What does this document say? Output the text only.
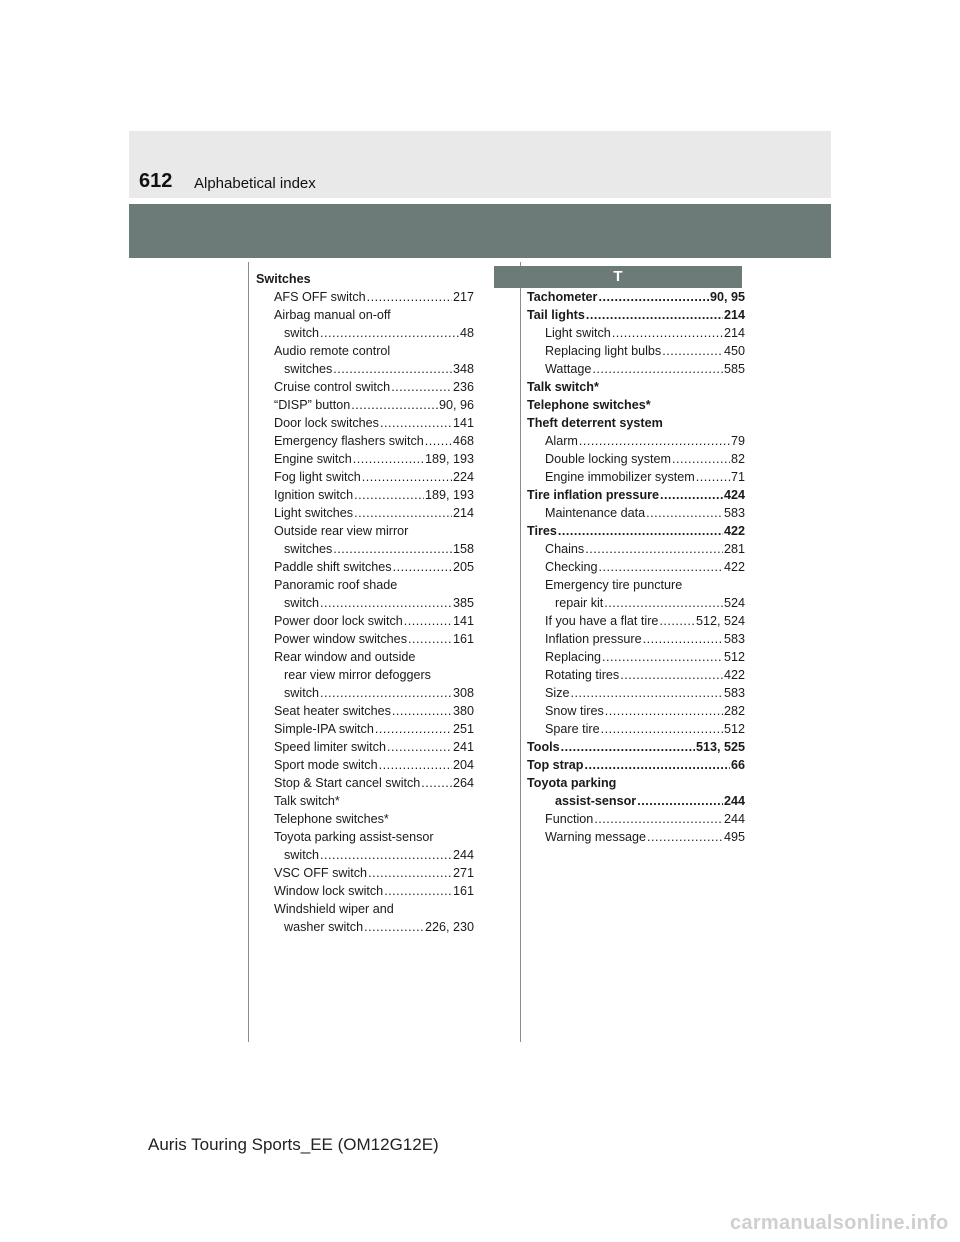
612 Alphabetical index
T
Switches
AFS OFF switch .....	217
Airbag manual on-off
switch .....	48
Audio remote control
switches .....	348
Cruise control switch .....	236
“DISP” button .....	90, 96
Door lock switches .....	141
Emergency flashers switch ..... 468
Engine switch .....	189, 193
Fog light switch .....	224
Ignition switch .....	189, 193
Light switches .....	214
Outside rear view mirror
switches .....	158
Paddle shift switches .....	205
Panoramic roof shade
switch .....	385
Power door lock switch .....	141
Power window switches .....	161
Rear window and outside
rear view mirror defoggers
switch .....	308
Seat heater switches .....	380
Simple-IPA switch .....	251
Speed limiter switch .....	241
Sport mode switch .....	204
Stop & Start cancel switch .....	264
Talk switch*
Telephone switches*
Toyota parking assist-sensor
switch .....	244
VSC OFF switch .....	271
Window lock switch .....	161
Windshield wiper and
washer switch .....	226, 230
Tachometer .....	90, 95
Tail lights .....	214
Light switch .....	214
Replacing light bulbs .....	450
Wattage .....	585
Talk switch*
Telephone switches*
Theft deterrent system
Alarm .....	79
Double locking system .....	82
Engine immobilizer system .....	71
Tire inflation pressure .....	424
Maintenance data .....	583
Tires .....	422
Chains .....	281
Checking .....	422
Emergency tire puncture
repair kit .....	524
If you have a flat tire .....	512, 524
Inflation pressure .....	583
Replacing .....	512
Rotating tires .....	422
Size .....	583
Snow tires .....	282
Spare tire .....	512
Tools .....	513, 525
Top strap .....	66
Toyota parking
assist-sensor .....	244
Function .....	244
Warning message .....	495
Auris Touring Sports_EE (OM12G12E)
carmanualsonline.info
